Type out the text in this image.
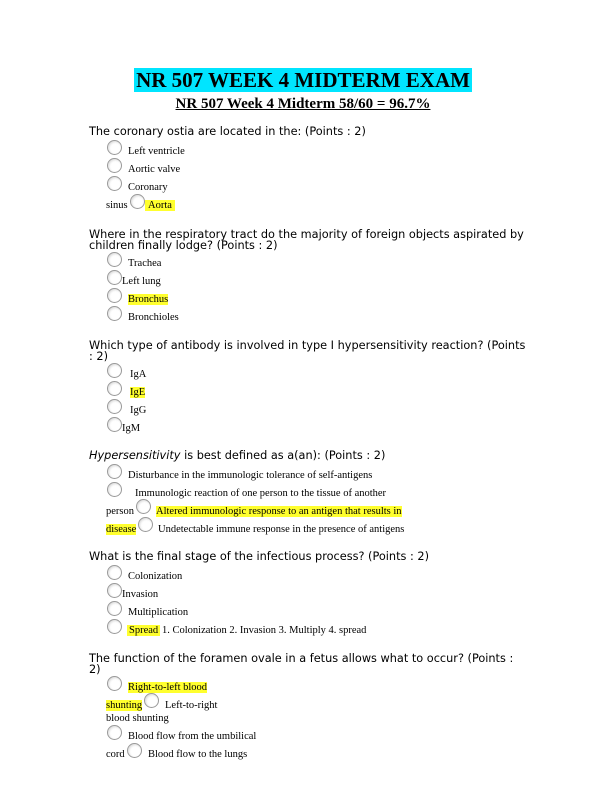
NR 507 WEEK 4 MIDTERM EXAM
NR 507 Week 4 Midterm 58/60 = 96.7%
The coronary ostia are located in the: (Points : 2)
Left ventricle
Aortic valve
Coronary
sinus Aorta
Where in the respiratory tract do the majority of foreign objects aspirated by
children finally lodge? (Points : 2)
Trachea
Left lung
Bronchus
Bronchioles
Which type of antibody is involved in type I hypersensitivity reaction? (Points
: 2)
IgA
IgE
IgG
IgM
Hypersensitivity is best defined as a(an): (Points : 2)
Disturbance in the immunologic tolerance of self-antigens
Immunologic reaction of one person to the tissue of another
person Altered immunologic response to an antigen that results in
disease Undetectable immune response in the presence of antigens
What is the final stage of the infectious process? (Points : 2)
Colonization
Invasion
Multiplication
Spread 1. Colonization 2. Invasion 3. Multiply 4. spread
The function of the foramen ovale in a fetus allows what to occur? (Points :
2)
Right-to-left blood
shunting Left-to-right
blood shunting
Blood flow from the umbilical
cord Blood flow to the lungs
